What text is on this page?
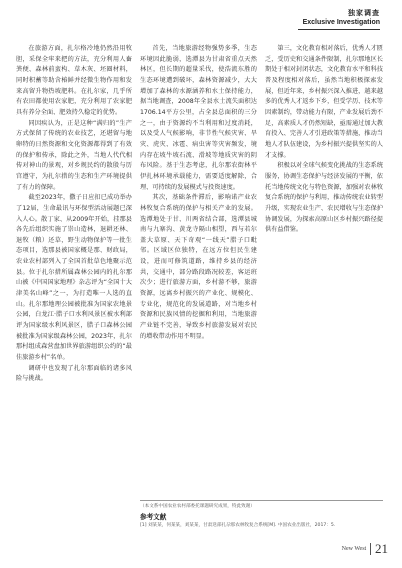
独家调查
Exclusive Investigation

在旅游方面，扎尔格冷地仍然沿用牧胆，采保全牢来把的方法，充分利用人畜粪便、森林前蛮构、草木灰、坯圈材料，同时积蓄等助含椿鲜并经微生物作用和发来高留升物热坡肥料。在扎尔家，几乎所有农田都使用农家肥，充分利用了农家肥具有养分全面、肥效持久稳定的优势。

同因疾认为，正是这种“满归的”生产方式保留了传统的农业技艺，还堪留与地卵特的日然资源和文化资源都得到了有效的保护和传承，除此之外，当地人代代相传对神山的景观，对乡规民约的散殷与历宫遵守，为扎尔措的生态和生产环境提供了有力的保障。

截至2023年，撒子日应扣已成功举办了12届，生命最讯与环保型活动展题已深入人心。散丁家、从2009年开始，挂那县各先后组织实施了崇山造林，退耕还林、退牧（粮）还草，野生动物保护等一批生态项目，选那县被国家概是那、财政局，农业农村部列入了全国首批草色地聚示范县。位于扎尔措所属森林公园内的扎尔那山被《中国国家地理》杂志评为“全国十大津美名山峰”之一，为打造唯一人选的直山。扎尔那地理公园被批准为国家农地景公园，白龙江·腊子口水利风景区被水利部评为国家级水利风景区，腊子口森林公园被批准为国家级森林公园，2023年，扎尔那村组成森营盘加世界旅游组织公约的“最佳旅游乡村”名单。

调研中也发现了扎尔那面临的诸多风险与挑战。

首先，当地旅游经物强势多季，生态环境因此脆弱，选潭县为甘肃省重点天然林区，但长期的超量采伐，使浩流东胜的生态环境遭到破坏，森林资源减少，大大增加了森林的水源涵养和水土保持能力，据当地调查，2008年全县水土流失面积达1706.14平方公里，占全县总面积的三分之一，由于资源约不当利用和过度消耗，以及受人气候影响，非节性气候灾害、旱灾、虎灾、冰雹、病虫害等灾害频发，境内存在坡牛坡石流、滑坡等地质灾害的阴布风险。基于生态考虑，扎尔那农街林平伊扎林环境承载能力，需要适度解除，合理、可持续的发展模式与投资速度。

其次，基础条件滞后，影响诺产业农林牧复合系统的保护与相关产业的发展。选潭地处于甘、川两省结合部，选潭县城南与九寨沟、黄龙寺隔山相望，西与若尔盖大草原、天下奇观“一线天”腊子口毗邻。区域区位独特，在远方位但民生建设，进而可修筑道路，维持乡县的经济共，交通中，部分路段路况较差，客运班次少；进行旅游方面，乡村游不够，旅游资源，远离乡村振兴的产业化、规模化、专业化，规范化的发展道路，对当地乡村资源和民族风情的挖掘和利用，当地旅游产业链不完善，导致乡村旅游发展对农民的增收带动作用不明显。

第三，文化教育相对落后，优秀人才匮乏，受历史和交通条件限制，扎尔那地区长期处于相对封闭状态，文化教育水平和科技普及程度相对落后，虽然当地积极探索发展，但近年来，乡村振兴深入推进，越来越多的优秀人才返乡下乡，但受学历、技术等因素制约，带动能力有限，产业发展后劲不足，高素质人才仍然短缺，亟需通过加大教育投入、完善人才引进政策等措施，推动当地人才队伍建设，为乡村振兴提供坚实的人才支撑。

积极以对全球气候变化挑战的生态系统服务，协调生态保护与经济发展的平衡，依托当地传统文化与特色资源，加强对农林牧复合系统的保护与利用，推动传统农业转型升级，实现农业生产、农民增收与生态保护协调发展，为探索高原山区乡村振兴路径提供有益借鉴。

（本文系中国农业农村部委托课题研究成果，特此致谢）
参考文献
[1] 刘某某，何某某，刘某某，甘肃迭部扎尕那农林牧复合系统[M]. 中国农业出版社，2017：5.
New West 21
